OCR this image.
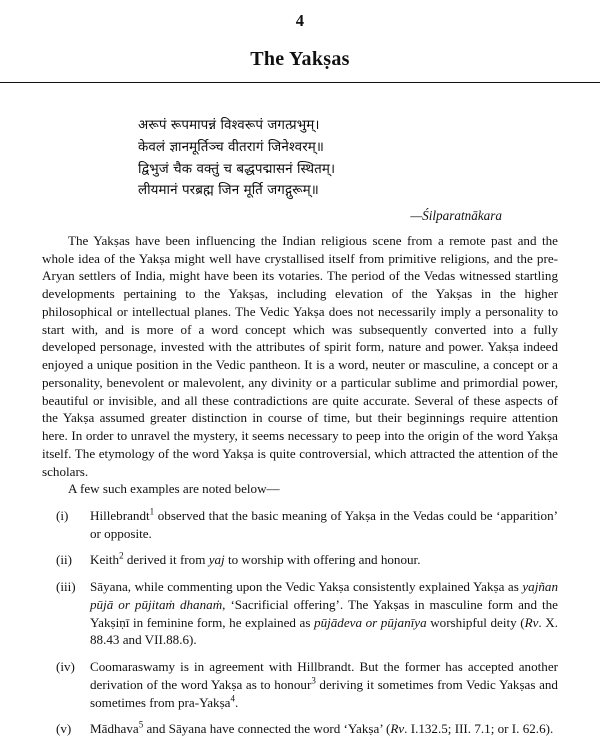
4
The Yakṣas
अरूपं रूपमापन्नं विश्वरूपं जगत्प्रभुम्।
केवलं ज्ञानमूर्तिञ्च वीतरागं जिनेश्वरम्॥
द्विभुजं चैक वक्तुं च बद्धपद्मासनं स्थितम्।
लीयमानं परब्रह्म जिन मूर्ति जगद्गुरूम्॥
—Śilparatnākara

The Yakṣas have been influencing the Indian religious scene from a remote past and the whole idea of the Yakṣa might well have crystallised itself from primitive religions, and the pre-Aryan settlers of India, might have been its votaries. The period of the Vedas witnessed startling developments pertaining to the Yakṣas, including elevation of the Yakṣas in the higher philosophical or intellectual planes. The Vedic Yakṣa does not necessarily imply a personality to start with, and is more of a word concept which was subsequently converted into a fully developed personage, invested with the attributes of spirit form, nature and power. Yakṣa indeed enjoyed a unique position in the Vedic pantheon. It is a word, neuter or masculine, a concept or a personality, benevolent or malevolent, any divinity or a particular sublime and primordial power, beautiful or invisible, and all these contradictions are quite accurate. Several of these aspects of the Yakṣa assumed greater distinction in course of time, but their beginnings require attention here. In order to unravel the mystery, it seems necessary to peep into the origin of the word Yakṣa itself. The etymology of the word Yakṣa is quite controversial, which attracted the attention of the scholars.

A few such examples are noted below—

(i)	Hillebrandt$^1$ observed that the basic meaning of Yakṣa in the Vedas could be ‘apparition’ or opposite.
(ii)	Keith$^2$ derived it from yaj to worship with offering and honour.
(iii)	Sāyana, while commenting upon the Vedic Yakṣa consistently explained Yakṣa as yajñan pūjā or pūjitaṁ dhanaṁ, ‘Sacrificial offering’. The Yakṣas in masculine form and the Yakṣiṇī in feminine form, he explained as pūjādeva or pūjanīya worshipful deity (Rv. X. 88.43 and VII.88.6).
(iv)	Coomaraswamy is in agreement with Hillbrandt. But the former has accepted another derivation of the word Yakṣa as to honour$^3$ deriving it sometimes from Vedic Yakṣas and sometimes from pra-Yakṣa$^4$.
(v)	Mādhava$^5$ and Sāyana have connected the word ‘Yakṣa’ (Rv. I.132.5; III. 7.1; or I. 62.6).
